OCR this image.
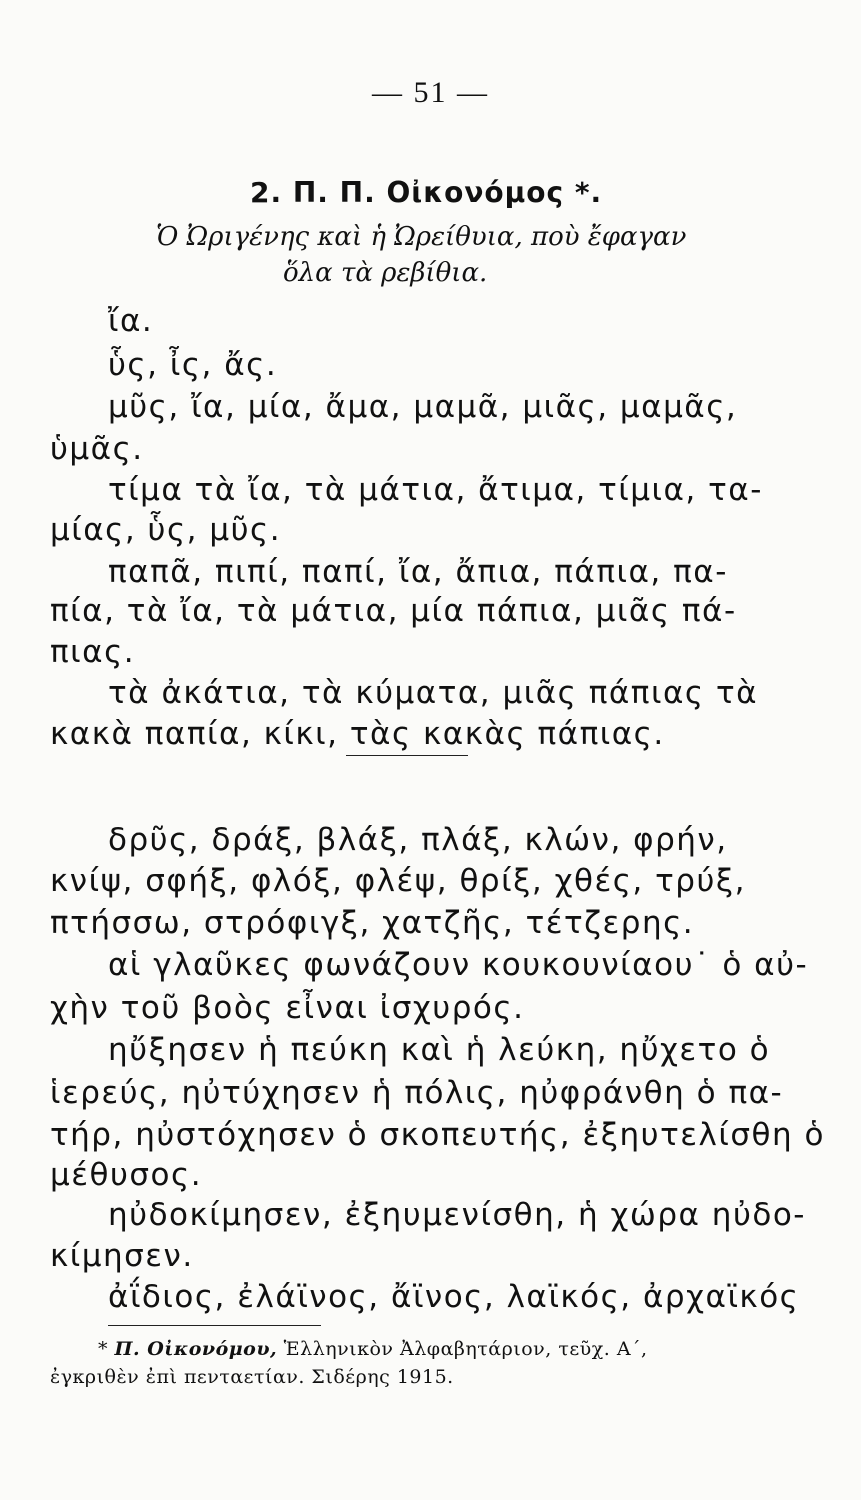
— 51 —
2. Π. Π. Οἰκονόμος *.
Ὁ Ὠριγένης καὶ ἡ Ὠρείθυια, ποὺ ἔφαγαν
ὅλα τὰ ρεβίθια.
ἴα.
ὗς, ἶς, ἄς.
μῦς, ἴα, μία, ἄμα, μαμᾶ, μιᾶς, μαμᾶς,
ὑμᾶς.
τίμα τὰ ἴα, τὰ μάτια, ἄτιμα, τίμια, τα-
μίας, ὗς, μῦς.
παπᾶ, πιπί, παπί, ἴα, ἄπια, πάπια, πα-
πία, τὰ ἴα, τὰ μάτια, μία πάπια, μιᾶς πά-
πιας.
τὰ ἀκάτια, τὰ κύματα, μιᾶς πάπιας τὰ
κακὰ παπία, κίκι, τὰς κακὰς πάπιας.
δρῦς, δράξ, βλάξ, πλάξ, κλών, φρήν,
κνίψ, σφήξ, φλόξ, φλέψ, θρίξ, χθές, τρύξ,
πτήσσω, στρόφιγξ, χατζῆς, τέτζερης.
αἱ γλαῦκες φωνάζουν κουκουνίαου˙ ὁ αὐ-
χὴν τοῦ βοὸς εἶναι ἰσχυρός.
ηὔξησεν ἡ πεύκη καὶ ἡ λεύκη, ηὔχετο ὁ
ἱερεύς, ηὐτύχησεν ἡ πόλις, ηὐφράνθη ὁ πα-
τήρ, ηὐστόχησεν ὁ σκοπευτής, ἐξηυτελίσθη ὁ
μέθυσος.
ηὐδοκίμησεν, ἐξηυμενίσθη, ἡ χώρα ηὐδο-
κίμησεν.
ἀΐδιος, ἐλάϊνος, ἄϊνος, λαϊκός, ἀρχαϊκός
* Π. Οἰκονόμου, Ἑλληνικὸν Ἀλφαβητάριον, τεῦχ. Α΄,
ἐγκριθὲν ἐπὶ πενταετίαν. Σιδέρης 1915.
